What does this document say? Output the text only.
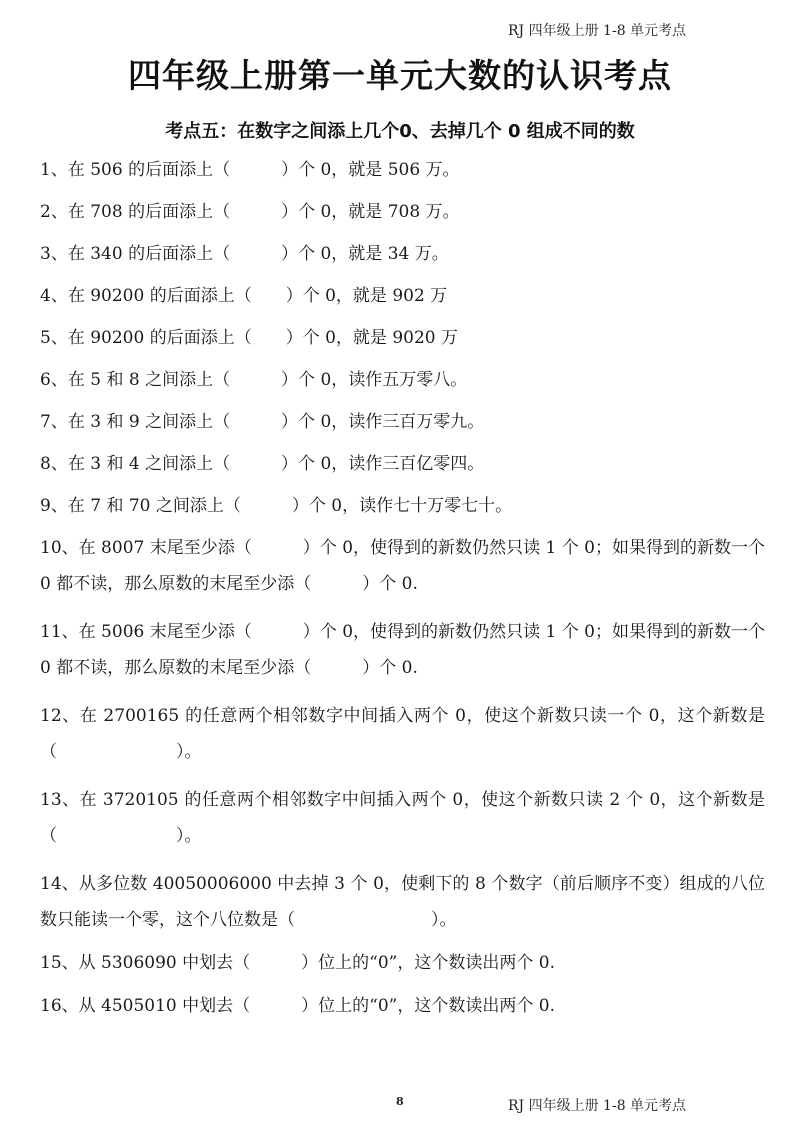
RJ 四年级上册 1-8 单元考点
四年级上册第一单元大数的认识考点
考点五：在数字之间添上几个0、去掉几个 0 组成不同的数
1、在 506 的后面添上（　　　）个 0，就是 506 万。
2、在 708 的后面添上（　　　）个 0，就是 708 万。
3、在 340 的后面添上（　　　）个 0，就是 34 万。
4、在 90200 的后面添上（　　）个 0，就是 902 万
5、在 90200 的后面添上（　　）个 0，就是 9020 万
6、在 5 和 8 之间添上（　　　）个 0，读作五万零八。
7、在 3 和 9 之间添上（　　　）个 0，读作三百万零九。
8、在 3 和 4 之间添上（　　　）个 0，读作三百亿零四。
9、在 7 和 70 之间添上（　　　）个 0，读作七十万零七十。
10、在 8007 末尾至少添（　　　）个 0，使得到的新数仍然只读 1 个 0；如果得到的新数一个 0 都不读，那么原数的末尾至少添（　　　）个 0.
11、在 5006 末尾至少添（　　　）个 0，使得到的新数仍然只读 1 个 0；如果得到的新数一个 0 都不读，那么原数的末尾至少添（　　　）个 0.
12、在 2700165 的任意两个相邻数字中间插入两个 0，使这个新数只读一个 0，这个新数是（　　　　　　　）。
13、在 3720105 的任意两个相邻数字中间插入两个 0，使这个新数只读 2 个 0，这个新数是（　　　　　　　）。
14、从多位数 40050006000 中去掉 3 个 0，使剩下的 8 个数字（前后顺序不变）组成的八位数只能读一个零，这个八位数是（　　　　　　　　）。
15、从 5306090 中划去（　　　）位上的“0”，这个数读出两个 0.
16、从 4505010 中划去（　　　）位上的“0”，这个数读出两个 0.
8	RJ 四年级上册 1-8 单元考点
